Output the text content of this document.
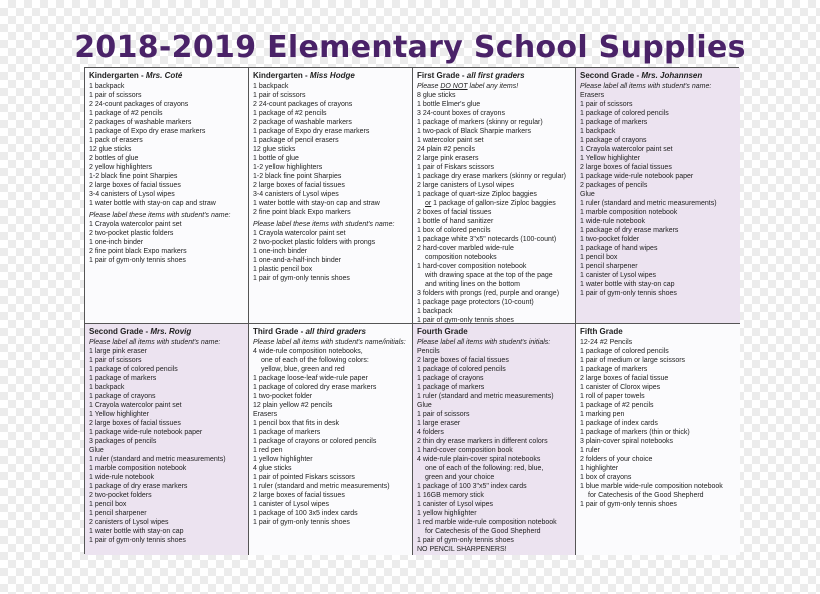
2018-2019 Elementary School Supplies
Kindergarten - Mrs. Coté
1 backpack
1 pair of scissors
2 24-count packages of crayons
1 package of #2 pencils
2 packages of washable markers
1 package of Expo dry erase markers
1 pack of erasers
12 glue sticks
2 bottles of glue
2 yellow highlighters
1-2 black fine point Sharpies
2 large boxes of facial tissues
3-4 canisters of Lysol wipes
1 water bottle with stay-on cap and straw
Please label these items with student's name:
1 Crayola watercolor paint set
2 two-pocket plastic folders
1 one-inch binder
2 fine point black Expo markers
1 pair of gym-only tennis shoes
Kindergarten - Miss Hodge
1 backpack
1 pair of scissors
2 24-count packages of crayons
1 package of #2 pencils
2 package of washable markers
1 package of Expo dry erase markers
1 package of pencil erasers
12 glue sticks
1 bottle of glue
1-2 yellow highlighters
1-2 black fine point Sharpies
2 large boxes of facial tissues
3-4 canisters of Lysol wipes
1 water bottle with stay-on cap and straw
2 fine point black Expo markers
Please label these items with student's name:
1 Crayola watercolor paint set
2 two-pocket plastic folders with prongs
1 one-inch binder
1 one-and-a-half-inch binder
1 plastic pencil box
1 pair of gym-only tennis shoes
First Grade - all first graders
Please DO NOT label any items!
8 glue sticks
1 bottle Elmer's glue
3 24-count boxes of crayons
1 package of markers (skinny or regular)
1 two-pack of Black Sharpie markers
1 watercolor paint set
24 plain #2 pencils
2 large pink erasers
1 pair of Fiskars scissors
1 package dry erase markers (skinny or regular)
2 large canisters of Lysol wipes
1 package of quart-size Ziploc baggies
or 1 package of gallon-size Ziploc baggies
2 boxes of facial tissues
1 bottle of hand sanitizer
1 box of colored pencils
1 package white 3"x5" notecards (100-count)
2 hard-cover marbled wide-rule
composition notebooks
1 hard-cover composition notebook
with drawing space at the top of the page
and writing lines on the bottom
3 folders with prongs (red, purple and orange)
1 package page protectors (10-count)
1 backpack
1 pair of gym-only tennis shoes
Second Grade - Mrs. Johannsen
Please label all items with student's name:
Erasers
1 pair of scissors
1 package of colored pencils
1 package of markers
1 backpack
1 package of crayons
1 Crayola watercolor paint set
1 Yellow highlighter
2 large boxes of facial tissues
1 package wide-rule notebook paper
2 packages of pencils
Glue
1 ruler (standard and metric measurements)
1 marble composition notebook
1 wide-rule notebook
1 package of dry erase markers
1 two-pocket folder
1 package of hand wipes
1 pencil box
1 pencil sharpener
1 canister of Lysol wipes
1 water bottle with stay-on cap
1 pair of gym-only tennis shoes
Second Grade - Mrs. Rovig
Please label all items with student's name:
1 large pink eraser
1 pair of scissors
1 package of colored pencils
1 package of markers
1 backpack
1 package of crayons
1 Crayola watercolor paint set
1 Yellow highlighter
2 large boxes of facial tissues
1 package wide-rule notebook paper
3 packages of pencils
Glue
1 ruler (standard and metric measurements)
1 marble composition notebook
1 wide-rule notebook
1 package of dry erase markers
2 two-pocket folders
1 pencil box
1 pencil sharpener
2 canisters of Lysol wipes
1 water bottle with stay-on cap
1 pair of gym-only tennis shoes
Third Grade - all third graders
Please label all items with student's name/initials:
4 wide-rule composition notebooks,
one of each of the following colors:
yellow, blue, green and red
1 package loose-leaf wide-rule paper
1 package of colored dry erase markers
1 two-pocket folder
12 plain yellow #2 pencils
Erasers
1 pencil box that fits in desk
1 package of markers
1 package of crayons or colored pencils
1 red pen
1 yellow highlighter
4 glue sticks
1 pair of pointed Fiskars scissors
1 ruler (standard and metric measurements)
2 large boxes of facial tissues
1 canister of Lysol wipes
1 package of 100 3x5 index cards
1 pair of gym-only tennis shoes
Fourth Grade
Please label all items with student's initials:
Pencils
2 large boxes of facial tissues
1 package of colored pencils
1 package of crayons
1 package of markers
1 ruler (standard and metric measurements)
Glue
1 pair of scissors
1 large eraser
4 folders
2 thin dry erase markers in different colors
1 hard-cover composition book
4 wide-rule plain-cover spiral notebooks
one of each of the following: red, blue,
green and your choice
1 package of 100 3"x5" index cards
1 16GB memory stick
1 canister of Lysol wipes
1 yellow highlighter
1 red marble wide-rule composition notebook
for Catechesis of the Good Shepherd
1 pair of gym-only tennis shoes
NO PENCIL SHARPENERS!
Fifth Grade
12-24 #2 Pencils
1 package of colored pencils
1 pair of medium or large scissors
1 package of markers
2 large boxes of facial tissue
1 canister of Clorox wipes
1 roll of paper towels
1 package of #2 pencils
1 marking pen
1 package of index cards
1 package of markers (thin or thick)
3 plain-cover spiral notebooks
1 ruler
2 folders of your choice
1 highlighter
1 box of crayons
1 blue marble wide-rule composition notebook
for Catechesis of the Good Shepherd
1 pair of gym-only tennis shoes
